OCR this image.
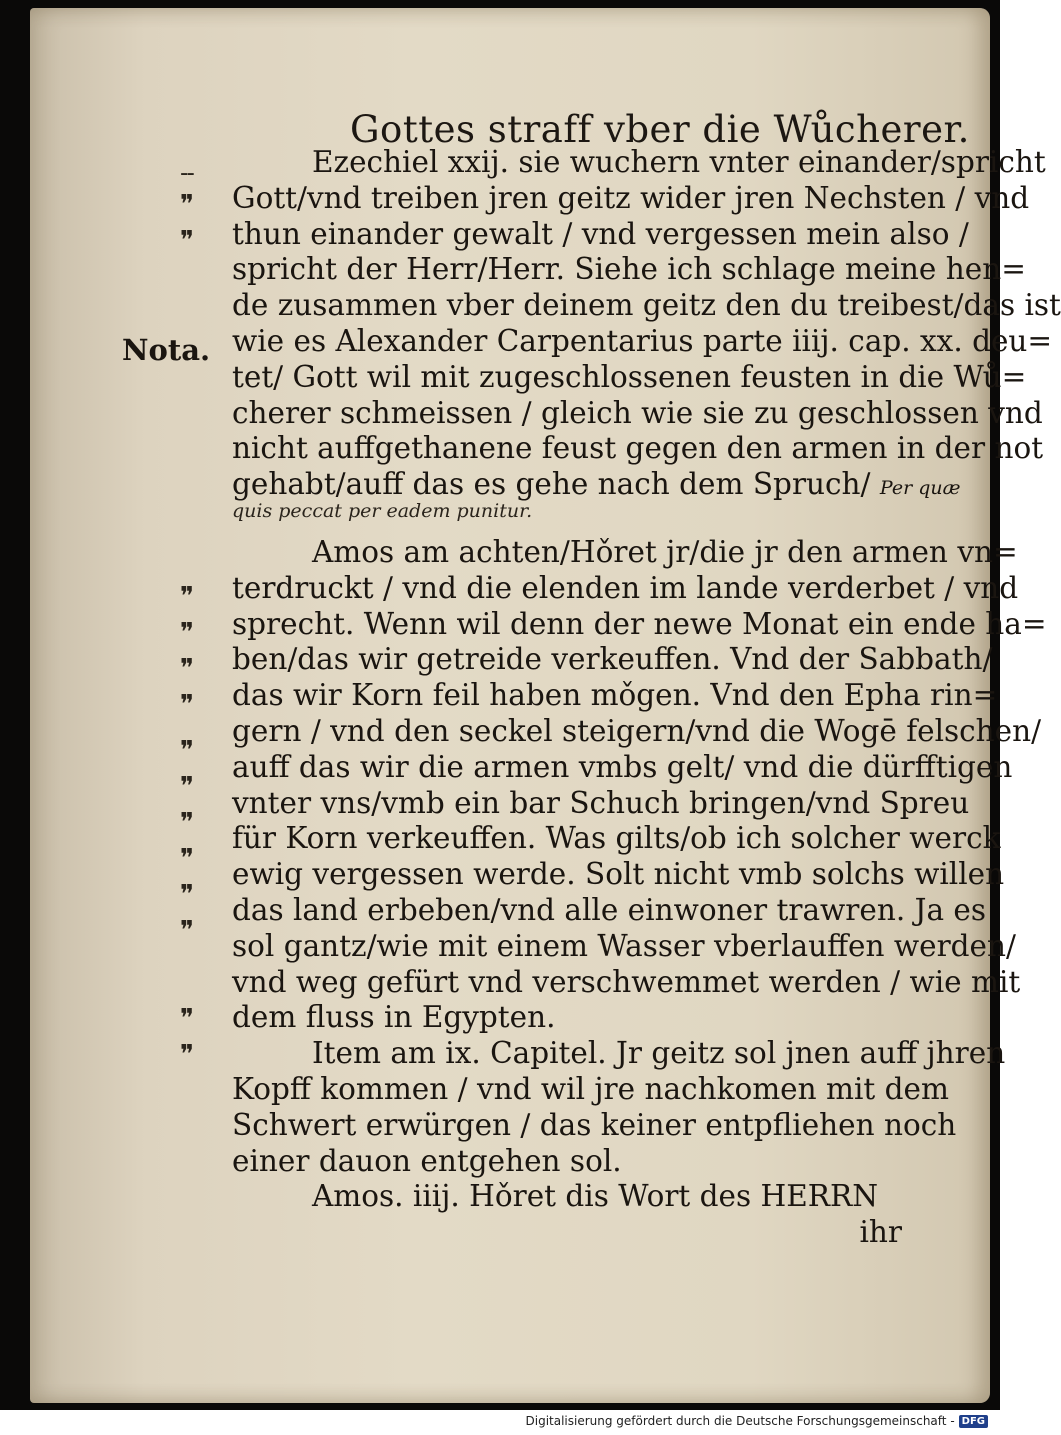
Gottes straff vber die Wůcherer.
Nota.
˗˗
❞
❞
❞
❞
❞
❞
❞
❞
❞
❞
❞
❞
❞
❞
Ezechiel xxij. sie wuchern vnter einander/spricht
Gott/vnd treiben jren geitz wider jren Nechsten / vnd
thun einander gewalt / vnd vergessen mein also /
spricht der Herr/Herr. Siehe ich schlage meine hen=
de zusammen vber deinem geitz den du treibest/das ist
wie es Alexander Carpentarius parte iiij. cap. xx. deu=
tet/ Gott wil mit zugeschlossenen feusten in die Wů=
cherer schmeissen / gleich wie sie zu geschlossen vnd
nicht auffgethanene feust gegen den armen in der not
gehabt/auff das es gehe nach dem Spruch/ Per quæ
quis peccat per eadem punitur.
Amos am achten/Hǒret jr/die jr den armen vn=
terdruckt / vnd die elenden im lande verderbet / vnd
sprecht. Wenn wil denn der newe Monat ein ende ha=
ben/das wir getreide verkeuffen. Vnd der Sabbath/
das wir Korn feil haben mǒgen. Vnd den Epha rin=
gern / vnd den seckel steigern/vnd die Wogē felschen/
auff das wir die armen vmbs gelt/ vnd die dürfftigen
vnter vns/vmb ein bar Schuch bringen/vnd Spreu
für Korn verkeuffen. Was gilts/ob ich solcher werck
ewig vergessen werde. Solt nicht vmb solchs willen
das land erbeben/vnd alle einwoner trawren. Ja es
sol gantz/wie mit einem Wasser vberlauffen werden/
vnd weg gefürt vnd verschwemmet werden / wie mit
dem fluss in Egypten.
Item am ix. Capitel. Jr geitz sol jnen auff jhren
Kopff kommen / vnd wil jre nachkomen mit dem
Schwert erwürgen / das keiner entpfliehen noch
einer dauon entgehen sol.
Amos. iiij. Hǒret dis Wort des HERRN
ihr
Digitalisierung gefördert durch die Deutsche Forschungsgemeinschaft - DFG
